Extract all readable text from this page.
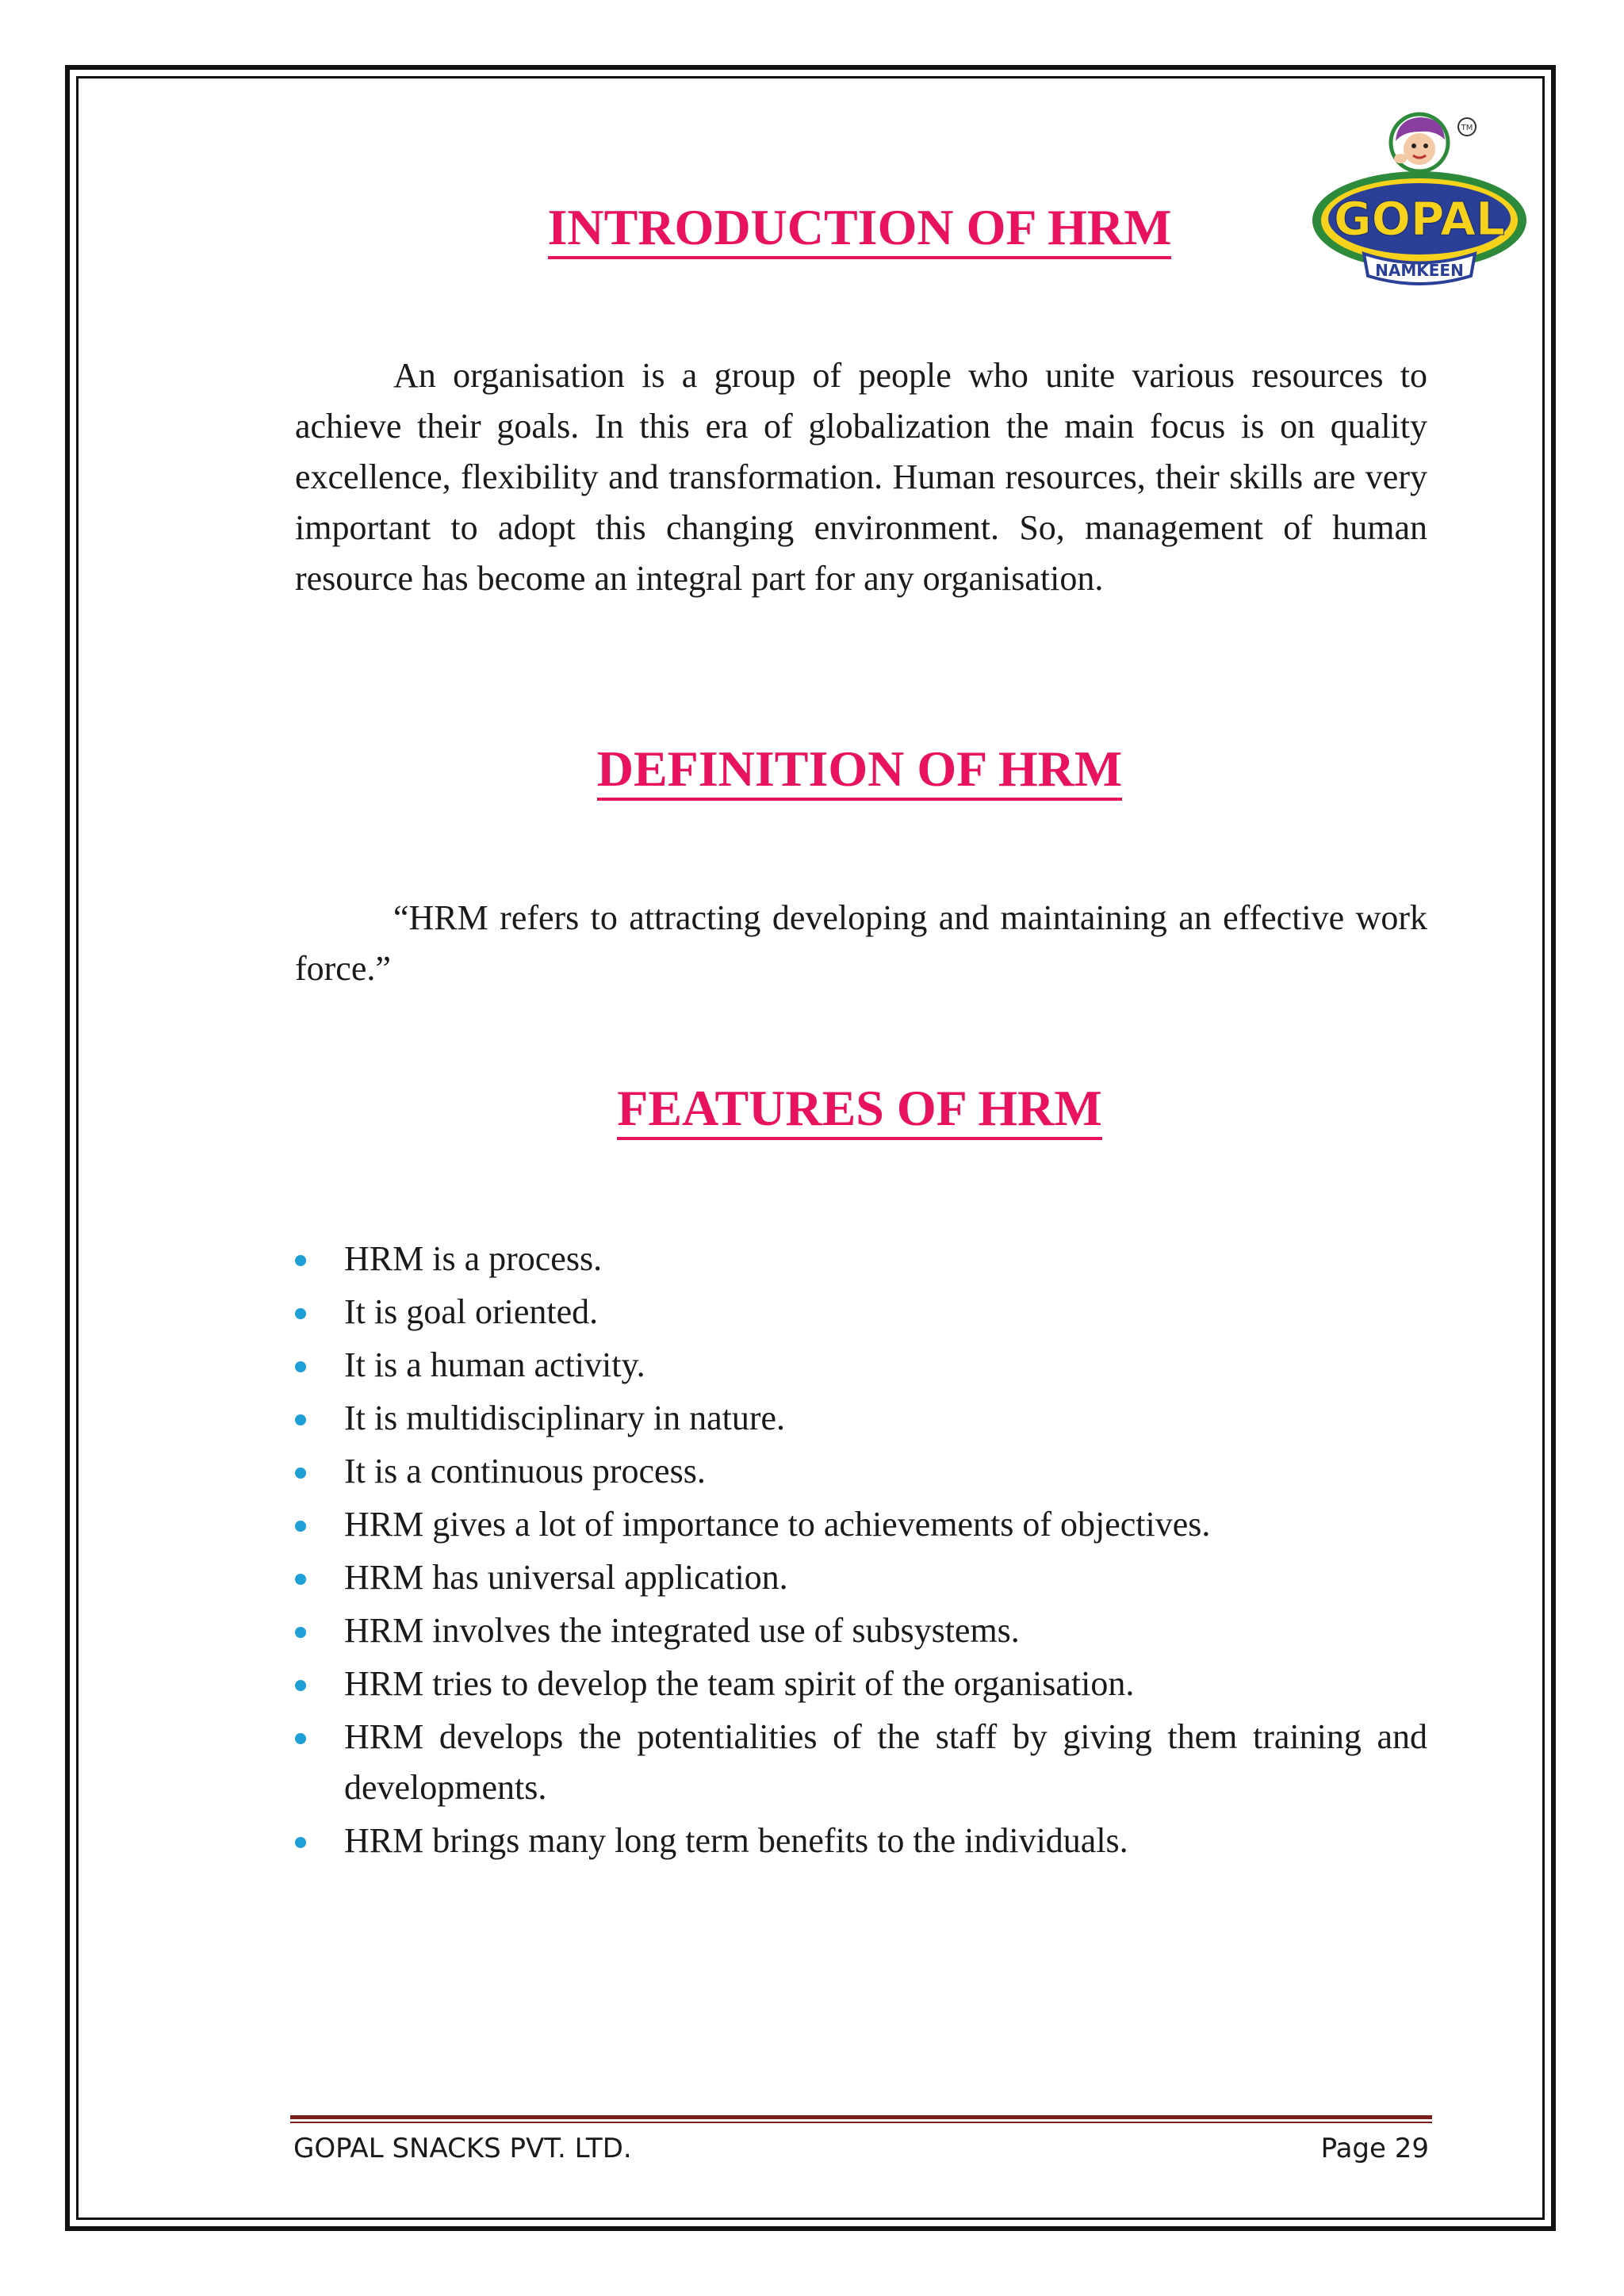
TM
GOPAL
NAMKEEN
INTRODUCTION OF HRM

An organisation is a group of people who unite various resources to achieve their goals. In this era of globalization the main focus is on quality excellence, flexibility and transformation. Human resources, their skills are very important to adopt this changing environment. So, management of human resource has become an integral part for any organisation.

DEFINITION OF HRM

“HRM refers to attracting developing and maintaining an effective work force.”

FEATURES OF HRM
HRM is a process.
It is goal oriented.
It is a human activity.
It is multidisciplinary in nature.
It is a continuous process.
HRM gives a lot of importance to achievements of objectives.
HRM has universal application.
HRM involves the integrated use of subsystems.
HRM tries to develop the team spirit of the organisation.
HRM develops the potentialities of the staff by giving them training and developments.
HRM brings many long term benefits to the individuals.
GOPAL SNACKS PVT. LTD.	Page 29
